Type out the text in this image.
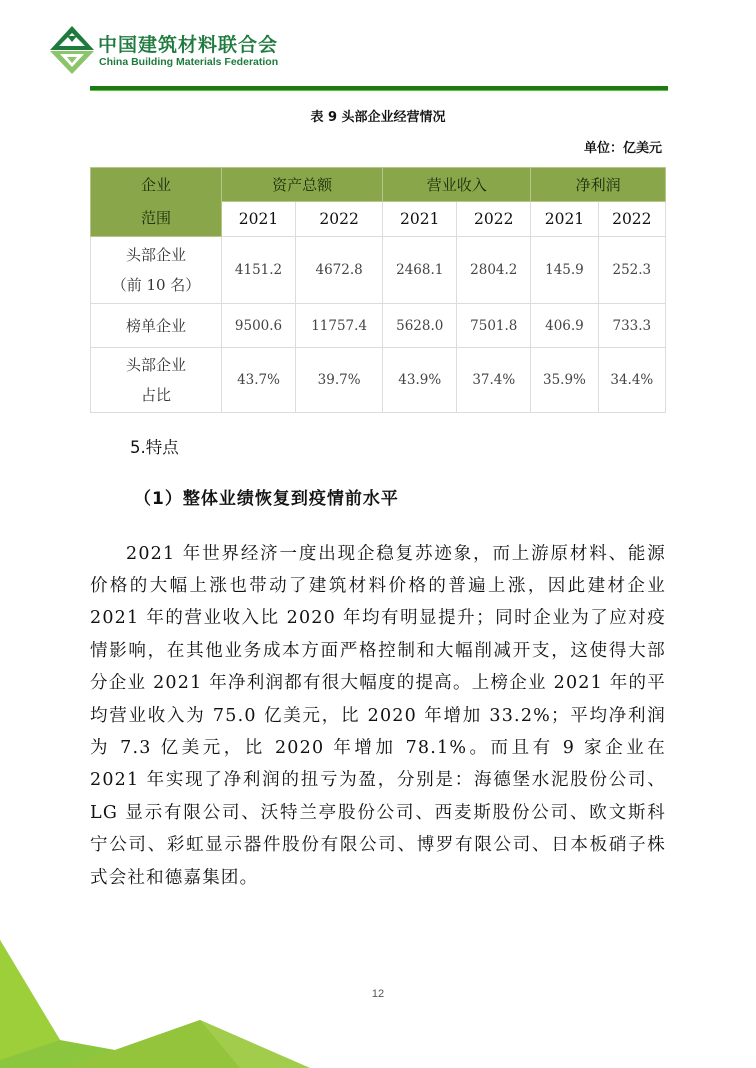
中国建筑材料联合会
China Building Materials Federation
表 9 头部企业经营情况
单位：亿美元
企业
范围	资产总额		营业收入		净利润	
	2021	2022	2021	2022	2021	2022

头部企业
（前 10 名）	4151.2	4672.8	2468.1	2804.2	145.9	252.3
榜单企业	9500.6	11757.4	5628.0	7501.8	406.9	733.3

头部企业
占比	43.7%	39.7%	43.9%	37.4%	35.9%	34.4%
5.特点
（1）整体业绩恢复到疫情前水平

2021 年世界经济一度出现企稳复苏迹象，而上游原材料、能源价格的大幅上涨也带动了建筑材料价格的普遍上涨，因此建材企业 2021 年的营业收入比 2020 年均有明显提升；同时企业为了应对疫情影响，在其他业务成本方面严格控制和大幅削减开支，这使得大部分企业 2021 年净利润都有很大幅度的提高。上榜企业 2021 年的平均营业收入为 75.0 亿美元，比 2020 年增加 33.2%；平均净利润为 7.3 亿美元，比 2020 年增加 78.1%。而且有 9 家企业在 2021 年实现了净利润的扭亏为盈，分别是：海德堡水泥股份公司、LG 显示有限公司、沃特兰亭股份公司、西麦斯股份公司、欧文斯科宁公司、彩虹显示器件股份有限公司、博罗有限公司、日本板硝子株式会社和德嘉集团。

12
